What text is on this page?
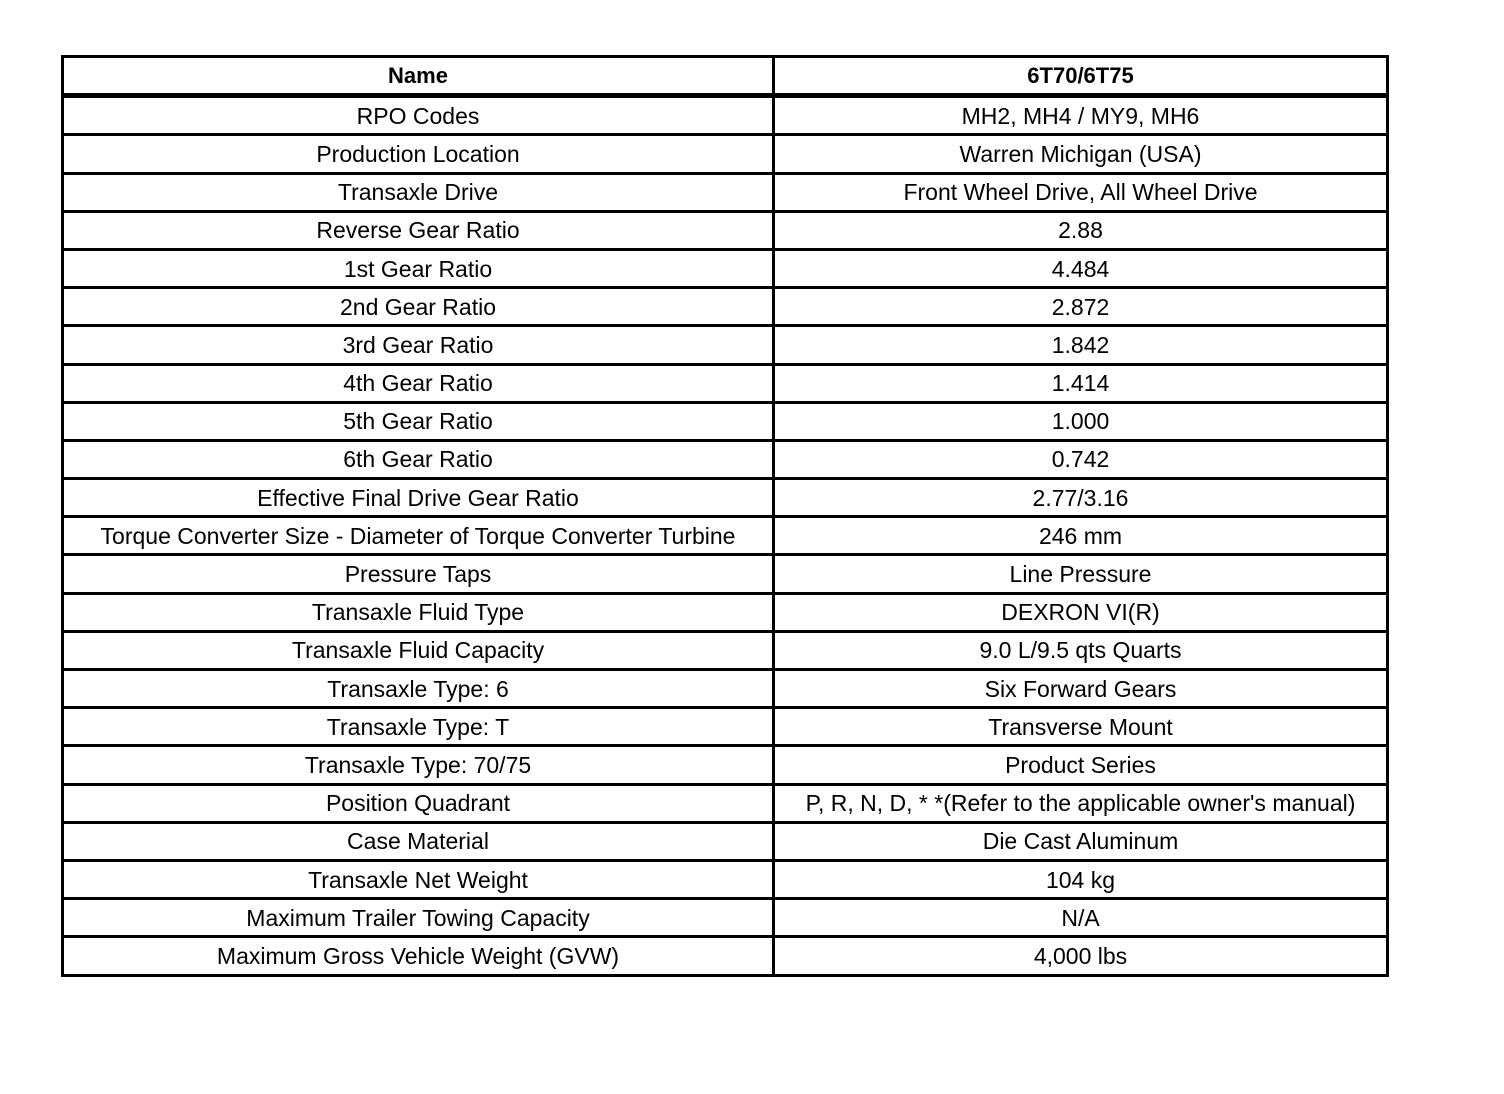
Name	6T70/6T75
RPO Codes	MH2, MH4 / MY9, MH6
Production Location	Warren Michigan (USA)
Transaxle Drive	Front Wheel Drive, All Wheel Drive
Reverse Gear Ratio	2.88
1st Gear Ratio	4.484
2nd Gear Ratio	2.872
3rd Gear Ratio	1.842
4th Gear Ratio	1.414
5th Gear Ratio	1.000
6th Gear Ratio	0.742
Effective Final Drive Gear Ratio	2.77/3.16
Torque Converter Size - Diameter of Torque Converter Turbine	246 mm
Pressure Taps	Line Pressure
Transaxle Fluid Type	DEXRON VI(R)
Transaxle Fluid Capacity	9.0 L/9.5 qts Quarts
Transaxle Type: 6	Six Forward Gears
Transaxle Type: T	Transverse Mount
Transaxle Type: 70/75	Product Series
Position Quadrant	P, R, N, D, * *(Refer to the applicable owner's manual)
Case Material	Die Cast Aluminum
Transaxle Net Weight	104 kg
Maximum Trailer Towing Capacity	N/A
Maximum Gross Vehicle Weight (GVW)	4,000 lbs
